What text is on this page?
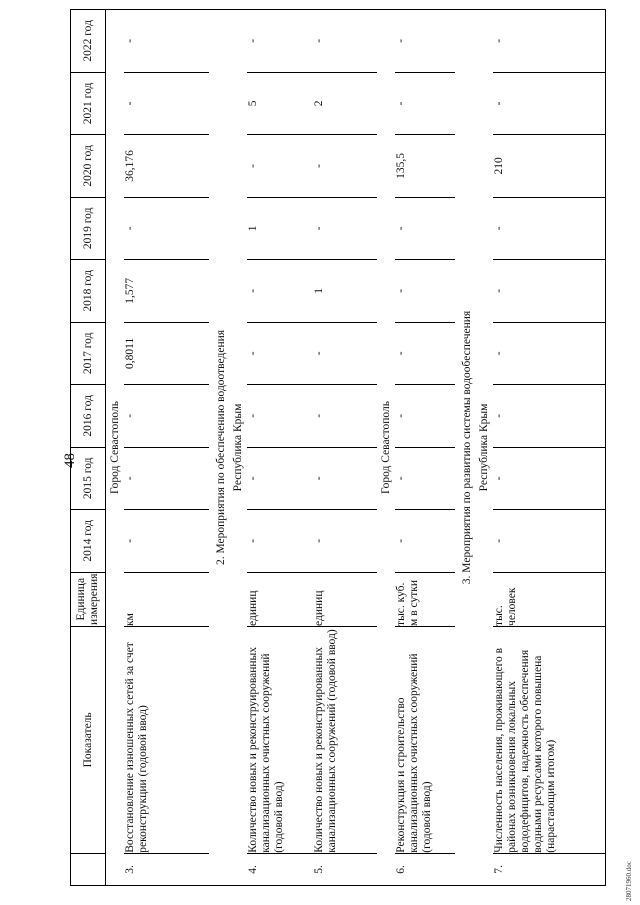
48
	Показатель	Единица измерения	2014 год	2015 год	2016 год	2017 год	2018 год	2019 год	2020 год	2021 год	2022 год
Город Севастополь											
3.	Восстановление изношенных сетей за счет реконструкции (годовой ввод)	км	-	-	-	0,8011	1,577	-	36,176	-	-
2. Мероприятия по обеспечению водоотведения											
Республика Крым											
4.	Количество новых и реконструированных канализационных очистных сооружений (годовой ввод)	единиц	-	-	-	-	-	1	-	5	-
5.	Количество новых и реконструированных канализационных сооружений (годовой ввод)	единиц	-	-	-	-	1	-	-	2	-
Город Севастополь											
6.	Реконструкция и строительство канализационных очистных сооружений (годовой ввод)	тыс. куб. м в сутки	-	-	-	-	-	-	135,5	-	-
3. Мероприятия по развитию системы водообеспечения											
Республика Крым											
7.	Численность населения, проживающего в районах возникновения локальных вододефицитов, надежность обеспечения водными ресурсами которого повышена (нарастающим итогом)	тыс. человек	-	-	-	-	-	-	210	-	-
28071960.doc
